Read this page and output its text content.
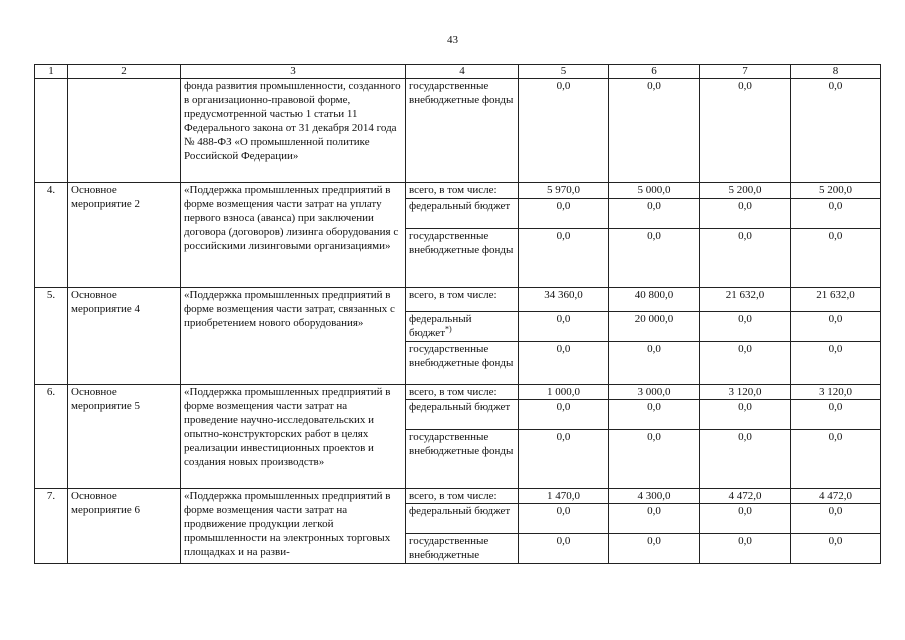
43
1	2	3	4	5	6	7	8
		фонда развития промышленности, созданного в организационно-правовой форме, предусмотренной частью 1 статьи 11 Федерального закона от 31 декабря 2014 года № 488-ФЗ «О промышленной политике Российской Федерации»	государственные внебюджетные фонды	0,0	0,0	0,0	0,0
4.	Основное мероприятие 2	«Поддержка промышленных предприятий в форме возмещения части затрат на уплату первого взноса (аванса) при заключении договора (договоров) лизинга оборудования с российскими лизинговыми организациями»	всего, в том числе:	5 970,0	5 000,0	5 200,0	5 200,0
			федеральный бюджет	0,0	0,0	0,0	0,0
			государственные внебюджетные фонды	0,0	0,0	0,0	0,0
5.	Основное мероприятие 4	«Поддержка промышленных предприятий в форме возмещения части затрат, связанных с приобретением нового оборудования»	всего, в том числе:	34 360,0	40 800,0	21 632,0	21 632,0
			федеральный бюджет*)	0,0	20 000,0	0,0	0,0
			государственные внебюджетные фонды	0,0	0,0	0,0	0,0
6.	Основное мероприятие 5	«Поддержка промышленных предприятий в форме возмещения части затрат на проведение научно-исследовательских и опытно-конструкторских работ в целях реализации инвестиционных проектов и создания новых производств»	всего, в том числе:	1 000,0	3 000,0	3 120,0	3 120,0
			федеральный бюджет	0,0	0,0	0,0	0,0
			государственные внебюджетные фонды	0,0	0,0	0,0	0,0
7.	Основное мероприятие 6	«Поддержка промышленных предприятий в форме возмещения части затрат на продвижение продукции легкой промышленности на электронных торговых площадках и на разви-	всего, в том числе:	1 470,0	4 300,0	4 472,0	4 472,0
			федеральный бюджет	0,0	0,0	0,0	0,0
			государственные внебюджетные	0,0	0,0	0,0	0,0
